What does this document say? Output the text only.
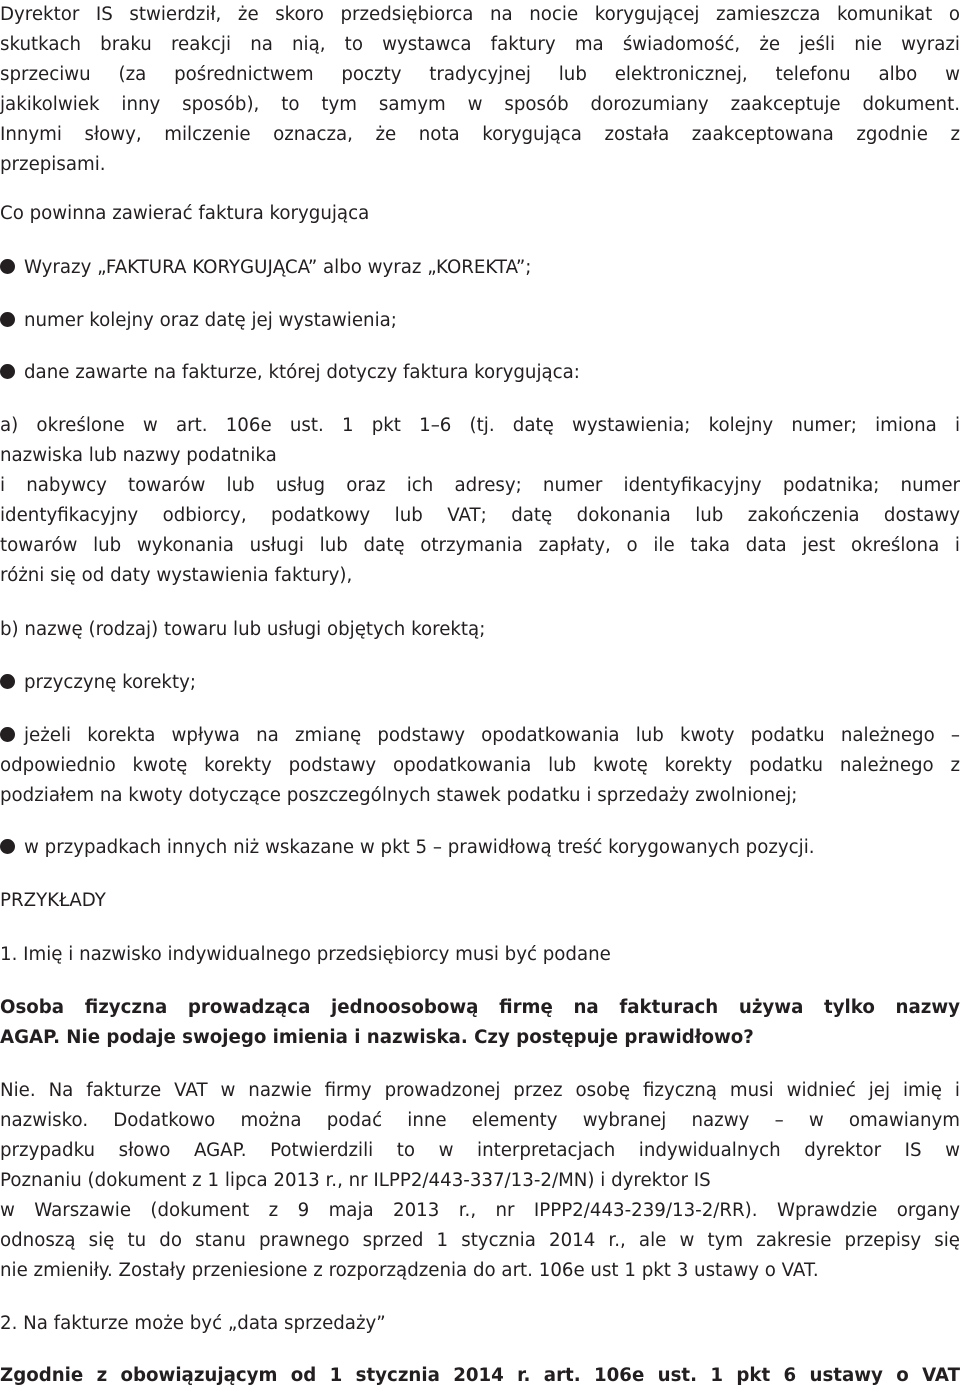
Dyrektor IS stwierdził, że skoro przedsiębiorca na nocie korygującej zamieszcza komunikat o
skutkach braku reakcji na nią, to wystawca faktury ma świadomość, że jeśli nie wyrazi
sprzeciwu (za pośrednictwem poczty tradycyjnej lub elektronicznej, telefonu albo w
jakikolwiek inny sposób), to tym samym w sposób dorozumiany zaakceptuje dokument.
Innymi słowy, milczenie oznacza, że nota korygująca została zaakceptowana zgodnie z
przepisami.
Co powinna zawierać faktura korygująca
Wyrazy „FAKTURA KORYGUJĄCA” albo wyraz „KOREKTA”;
numer kolejny oraz datę jej wystawienia;
dane zawarte na fakturze, której dotyczy faktura korygująca:
a) określone w art. 106e ust. 1 pkt 1–6 (tj. datę wystawienia; kolejny numer; imiona i
nazwiska lub nazwy podatnika
i nabywcy towarów lub usług oraz ich adresy; numer identyfikacyjny podatnika; numer
identyfikacyjny odbiorcy, podatkowy lub VAT; datę dokonania lub zakończenia dostawy
towarów lub wykonania usługi lub datę otrzymania zapłaty, o ile taka data jest określona i
różni się od daty wystawienia faktury),
b) nazwę (rodzaj) towaru lub usługi objętych korektą;
przyczynę korekty;
jeżeli korekta wpływa na zmianę podstawy opodatkowania lub kwoty podatku należnego –
odpowiednio kwotę korekty podstawy opodatkowania lub kwotę korekty podatku należnego z
podziałem na kwoty dotyczące poszczególnych stawek podatku i sprzedaży zwolnionej;
w przypadkach innych niż wskazane w pkt 5 – prawidłową treść korygowanych pozycji.
PRZYKŁADY
1. Imię i nazwisko indywidualnego przedsiębiorcy musi być podane
Osoba fizyczna prowadząca jednoosobową firmę na fakturach używa tylko nazwy
AGAP. Nie podaje swojego imienia i nazwiska. Czy postępuje prawidłowo?
Nie. Na fakturze VAT w nazwie firmy prowadzonej przez osobę fizyczną musi widnieć jej imię i
nazwisko. Dodatkowo można podać inne elementy wybranej nazwy – w omawianym
przypadku słowo AGAP. Potwierdzili to w interpretacjach indywidualnych dyrektor IS w
Poznaniu (dokument z 1 lipca 2013 r., nr ILPP2/443-337/13-2/MN) i dyrektor IS
w Warszawie (dokument z 9 maja 2013 r., nr IPPP2/443-239/13-2/RR). Wprawdzie organy
odnoszą się tu do stanu prawnego sprzed 1 stycznia 2014 r., ale w tym zakresie przepisy się
nie zmieniły. Zostały przeniesione z rozporządzenia do art. 106e ust 1 pkt 3 ustawy o VAT.
2. Na fakturze może być „data sprzedaży”
Zgodnie z obowiązującym od 1 stycznia 2014 r. art. 106e ust. 1 pkt 6 ustawy o VAT
